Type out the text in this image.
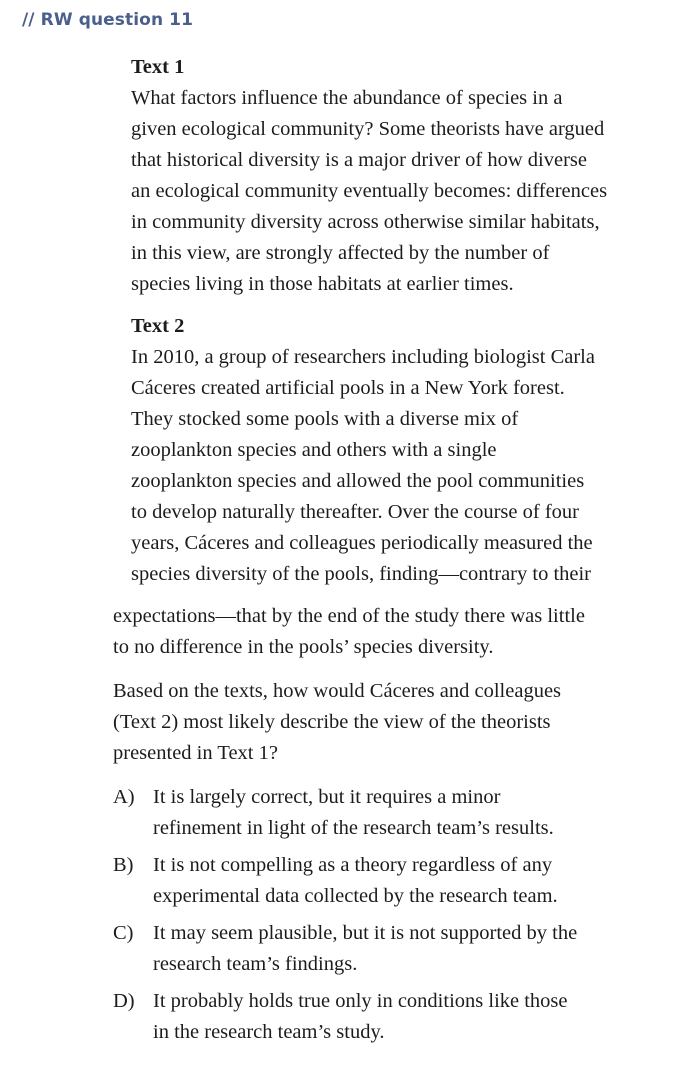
// RW question 11
Text 1
What factors influence the abundance of species in a
given ecological community? Some theorists have argued
that historical diversity is a major driver of how diverse
an ecological community eventually becomes: differences
in community diversity across otherwise similar habitats,
in this view, are strongly affected by the number of
species living in those habitats at earlier times.
Text 2
In 2010, a group of researchers including biologist Carla
Cáceres created artificial pools in a New York forest.
They stocked some pools with a diverse mix of
zooplankton species and others with a single
zooplankton species and allowed the pool communities
to develop naturally thereafter. Over the course of four
years, Cáceres and colleagues periodically measured the
species diversity of the pools, finding—contrary to their
expectations—that by the end of the study there was little
to no difference in the pools’ species diversity.
Based on the texts, how would Cáceres and colleagues
(Text 2) most likely describe the view of the theorists
presented in Text 1?
A) It is largely correct, but it requires a minor
refinement in light of the research team’s results.
B) It is not compelling as a theory regardless of any
experimental data collected by the research team.
C) It may seem plausible, but it is not supported by the
research team’s findings.
D) It probably holds true only in conditions like those
in the research team’s study.
